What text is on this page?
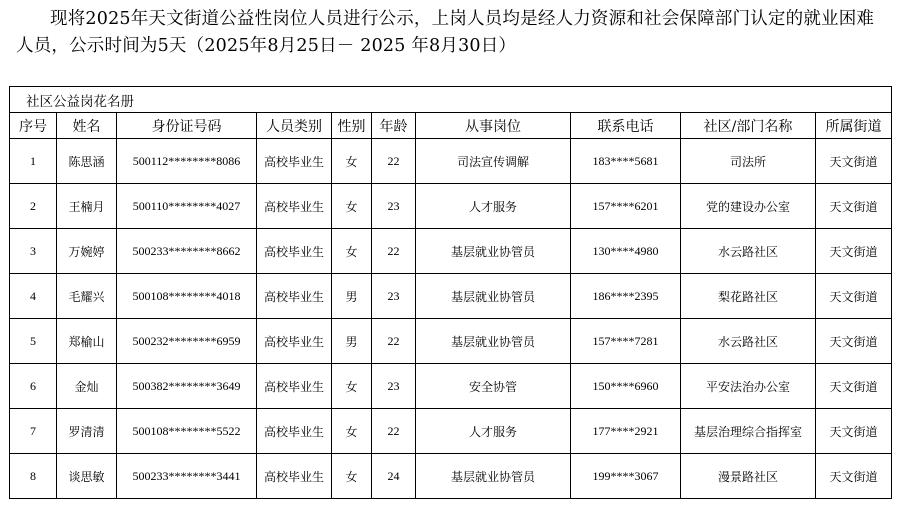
现将2025年天文街道公益性岗位人员进行公示，上岗人员均是经人力资源和社会保障部门认定的就业困难人员，公示时间为5天（2025年8月25日－ 2025 年8月30日）
社区公益岗花名册									
序号	姓名	身份证号码	人员类别	性别	年龄	从事岗位	联系电话	社区/部门名称	所属街道
1	陈思涵	500112********8086	高校毕业生	女	22	司法宣传调解	183****5681	司法所	天文街道
2	王楠月	500110********4027	高校毕业生	女	23	人才服务	157****6201	党的建设办公室	天文街道
3	万婉婷	500233********8662	高校毕业生	女	22	基层就业协管员	130****4980	水云路社区	天文街道
4	毛耀兴	500108********4018	高校毕业生	男	23	基层就业协管员	186****2395	梨花路社区	天文街道
5	郑榆山	500232********6959	高校毕业生	男	22	基层就业协管员	157****7281	水云路社区	天文街道
6	金灿	500382********3649	高校毕业生	女	23	安全协管	150****6960	平安法治办公室	天文街道
7	罗清清	500108********5522	高校毕业生	女	22	人才服务	177****2921	基层治理综合指挥室	天文街道
8	谈思敏	500233********3441	高校毕业生	女	24	基层就业协管员	199****3067	漫景路社区	天文街道
